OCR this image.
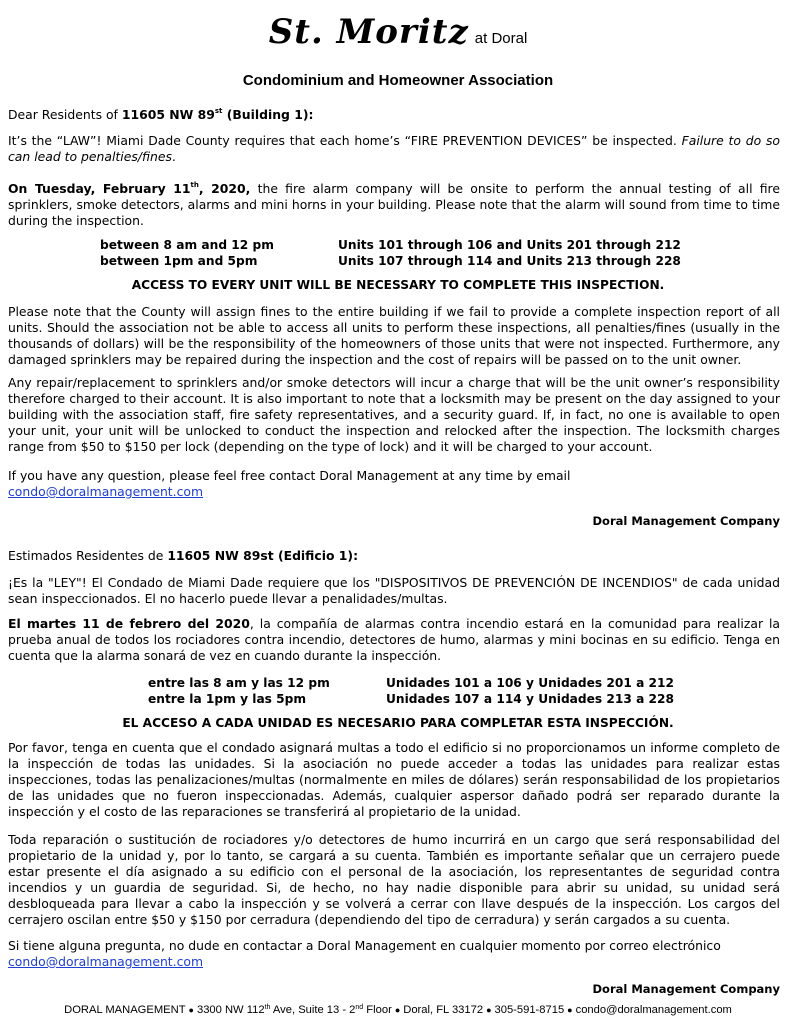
St. Moritz at Doral
Condominium and Homeowner Association

Dear Residents of 11605 NW 89st (Building 1):

It’s the “LAW”! Miami Dade County requires that each home’s “FIRE PREVENTION DEVICES” be inspected. Failure to do so can lead to penalties/fines.

On Tuesday, February 11th, 2020, the fire alarm company will be onsite to perform the annual testing of all fire sprinklers, smoke detectors, alarms and mini horns in your building. Please note that the alarm will sound from time to time during the inspection.

between 8 am and 12 pm	Units 101 through 106 and Units 201 through 212
between 1pm and 5pm	Units 107 through 114 and Units 213 through 228
ACCESS TO EVERY UNIT WILL BE NECESSARY TO COMPLETE THIS INSPECTION.

Please note that the County will assign fines to the entire building if we fail to provide a complete inspection report of all units. Should the association not be able to access all units to perform these inspections, all penalties/fines (usually in the thousands of dollars) will be the responsibility of the homeowners of those units that were not inspected. Furthermore, any damaged sprinklers may be repaired during the inspection and the cost of repairs will be passed on to the unit owner.

Any repair/replacement to sprinklers and/or smoke detectors will incur a charge that will be the unit owner’s responsibility therefore charged to their account. It is also important to note that a locksmith may be present on the day assigned to your building with the association staff, fire safety representatives, and a security guard. If, in fact, no one is available to open your unit, your unit will be unlocked to conduct the inspection and relocked after the inspection. The locksmith charges range from $50 to $150 per lock (depending on the type of lock) and it will be charged to your account.

If you have any question, please feel free contact Doral Management at any time by email
condo@doralmanagement.com

Doral Management Company

Estimados Residentes de 11605 NW 89st (Edificio 1):

¡Es la "LEY"! El Condado de Miami Dade requiere que los "DISPOSITIVOS DE PREVENCIÓN DE INCENDIOS" de cada unidad sean inspeccionados. El no hacerlo puede llevar a penalidades/multas.

El martes 11 de febrero del 2020, la compañía de alarmas contra incendio estará en la comunidad para realizar la prueba anual de todos los rociadores contra incendio, detectores de humo, alarmas y mini bocinas en su edificio. Tenga en cuenta que la alarma sonará de vez en cuando durante la inspección.

entre las 8 am y las 12 pm	Unidades 101 a 106 y Unidades 201 a 212
entre la 1pm y las 5pm	Unidades 107 a 114 y Unidades 213 a 228
EL ACCESO A CADA UNIDAD ES NECESARIO PARA COMPLETAR ESTA INSPECCIÓN.

Por favor, tenga en cuenta que el condado asignará multas a todo el edificio si no proporcionamos un informe completo de la inspección de todas las unidades. Si la asociación no puede acceder a todas las unidades para realizar estas inspecciones, todas las penalizaciones/multas (normalmente en miles de dólares) serán responsabilidad de los propietarios de las unidades que no fueron inspeccionadas. Además, cualquier aspersor dañado podrá ser reparado durante la inspección y el costo de las reparaciones se transferirá al propietario de la unidad.

Toda reparación o sustitución de rociadores y/o detectores de humo incurrirá en un cargo que será responsabilidad del propietario de la unidad y, por lo tanto, se cargará a su cuenta. También es importante señalar que un cerrajero puede estar presente el día asignado a su edificio con el personal de la asociación, los representantes de seguridad contra incendios y un guardia de seguridad. Si, de hecho, no hay nadie disponible para abrir su unidad, su unidad será desbloqueada para llevar a cabo la inspección y se volverá a cerrar con llave después de la inspección. Los cargos del cerrajero oscilan entre $50 y $150 por cerradura (dependiendo del tipo de cerradura) y serán cargados a su cuenta.

Si tiene alguna pregunta, no dude en contactar a Doral Management en cualquier momento por correo electrónico
condo@doralmanagement.com

Doral Management Company
DORAL MANAGEMENT ● 3300 NW 112th Ave, Suite 13 - 2nd Floor ● Doral, FL 33172 ● 305-591-8715 ● condo@doralmanagement.com
